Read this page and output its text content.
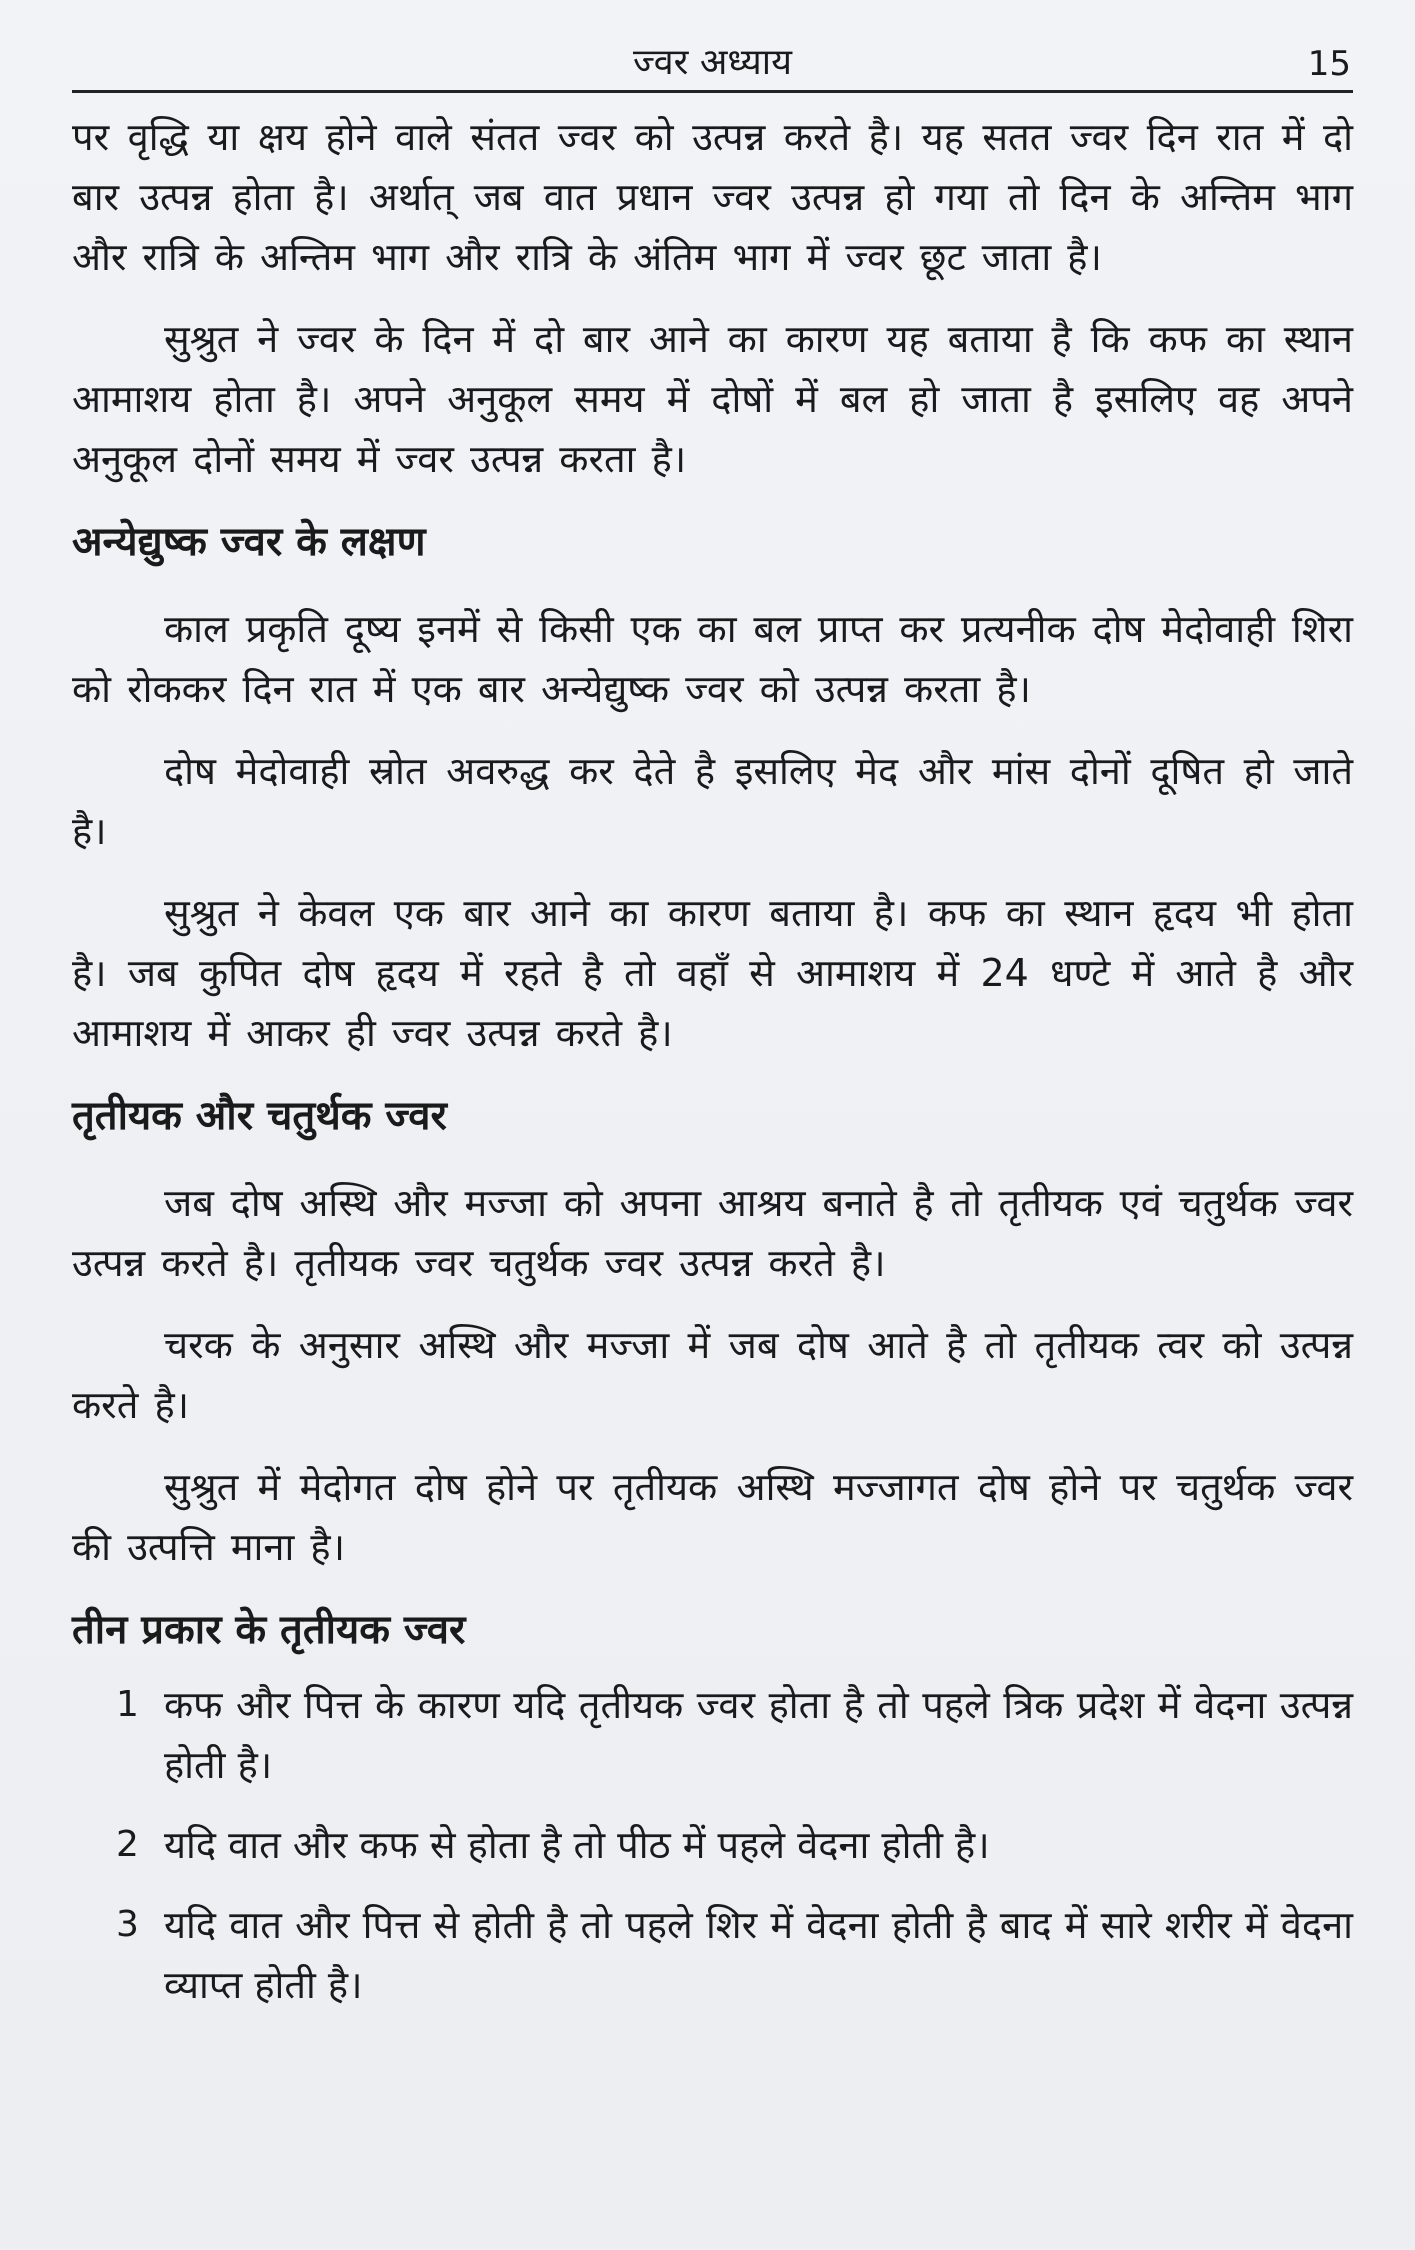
ज्वर अध्याय	15

पर वृद्धि या क्षय होने वाले संतत ज्वर को उत्पन्न करते है। यह सतत ज्वर दिन रात में दो बार उत्पन्न होता है। अर्थात् जब वात प्रधान ज्वर उत्पन्न हो गया तो दिन के अन्तिम भाग और रात्रि के अन्तिम भाग और रात्रि के अंतिम भाग में ज्वर छूट जाता है।

सुश्रुत ने ज्वर के दिन में दो बार आने का कारण यह बताया है कि कफ का स्थान आमाशय होता है। अपने अनुकूल समय में दोषों में बल हो जाता है इसलिए वह अपने अनुकूल दोनों समय में ज्वर उत्पन्न करता है।

अन्येद्युष्क ज्वर के लक्षण

काल प्रकृति दूष्य इनमें से किसी एक का बल प्राप्त कर प्रत्यनीक दोष मेदोवाही शिरा को रोककर दिन रात में एक बार अन्येद्युष्क ज्वर को उत्पन्न करता है।

दोष मेदोवाही स्रोत अवरुद्ध कर देते है इसलिए मेद और मांस दोनों दूषित हो जाते है।

सुश्रुत ने केवल एक बार आने का कारण बताया है। कफ का स्थान हृदय भी होता है। जब कुपित दोष हृदय में रहते है तो वहाँ से आमाशय में 24 धण्टे में आते है और आमाशय में आकर ही ज्वर उत्पन्न करते है।

तृतीयक और चतुर्थक ज्वर

जब दोष अस्थि और मज्जा को अपना आश्रय बनाते है तो तृतीयक एवं चतुर्थक ज्वर उत्पन्न करते है। तृतीयक ज्वर चतुर्थक ज्वर उत्पन्न करते है।

चरक के अनुसार अस्थि और मज्जा में जब दोष आते है तो तृतीयक त्वर को उत्पन्न करते है।

सुश्रुत में मेदोगत दोष होने पर तृतीयक अस्थि मज्जागत दोष होने पर चतुर्थक ज्वर की उत्पत्ति माना है।

तीन प्रकार के तृतीयक ज्वर
1 कफ और पित्त के कारण यदि तृतीयक ज्वर होता है तो पहले त्रिक प्रदेश में वेदना उत्पन्न होती है।
2 यदि वात और कफ से होता है तो पीठ में पहले वेदना होती है।
3 यदि वात और पित्त से होती है तो पहले शिर में वेदना होती है बाद में सारे शरीर में वेदना व्याप्त होती है।
